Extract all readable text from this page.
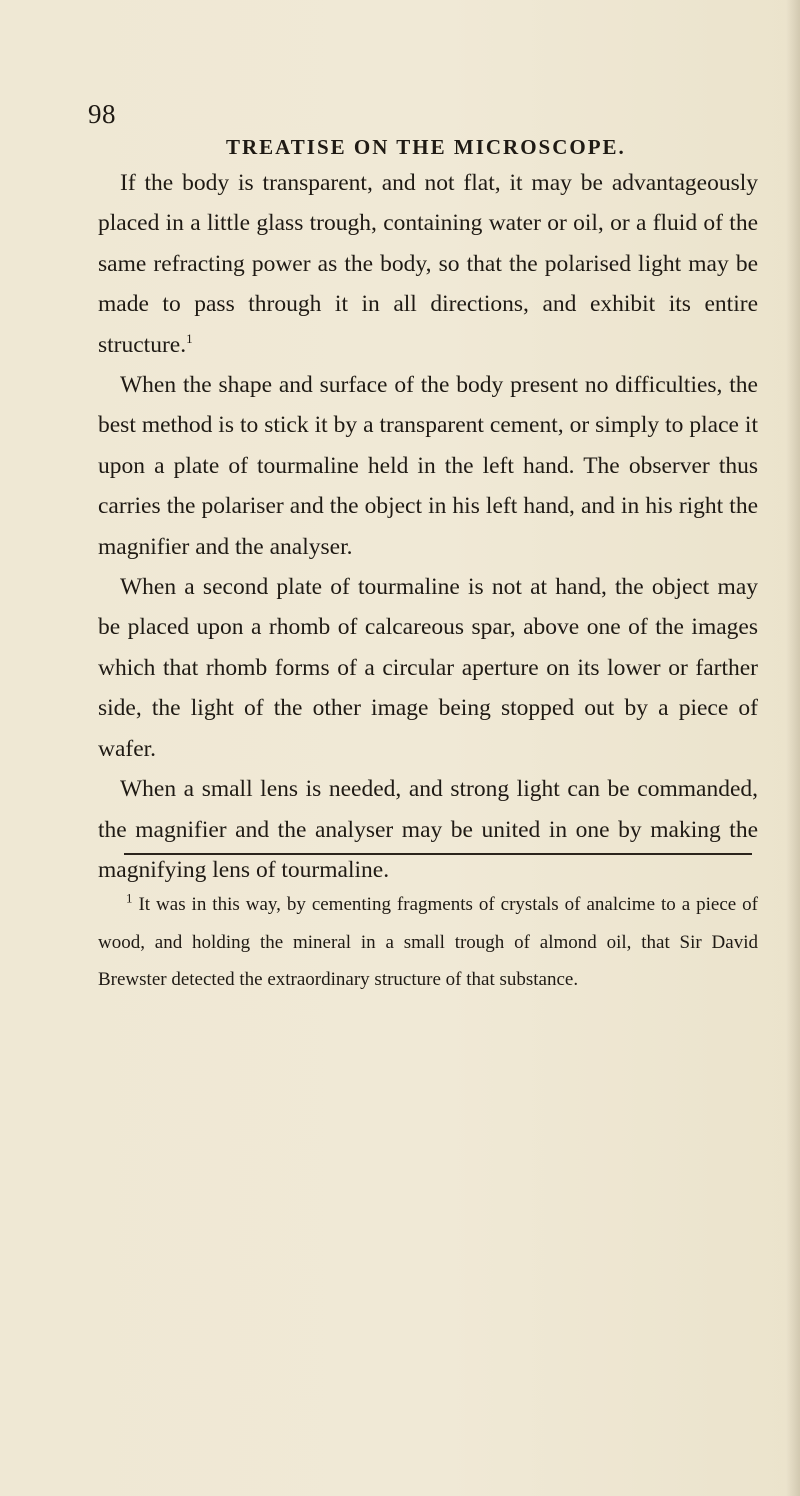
98
TREATISE ON THE MICROSCOPE.

If the body is transparent, and not flat, it may be advantageously placed in a little glass trough, containing water or oil, or a fluid of the same refracting power as the body, so that the polarised light may be made to pass through it in all directions, and exhibit its entire structure.$^1$

When the shape and surface of the body present no difficulties, the best method is to stick it by a transparent cement, or simply to place it upon a plate of tourmaline held in the left hand. The observer thus carries the polariser and the object in his left hand, and in his right the magnifier and the analyser.

When a second plate of tourmaline is not at hand, the object may be placed upon a rhomb of calcareous spar, above one of the images which that rhomb forms of a circular aperture on its lower or farther side, the light of the other image being stopped out by a piece of wafer.

When a small lens is needed, and strong light can be commanded, the magnifier and the analyser may be united in one by making the magnifying lens of tourmaline.

$^1$ It was in this way, by cementing fragments of crystals of analcime to a piece of wood, and holding the mineral in a small trough of almond oil, that Sir David Brewster detected the extraordinary structure of that substance.
